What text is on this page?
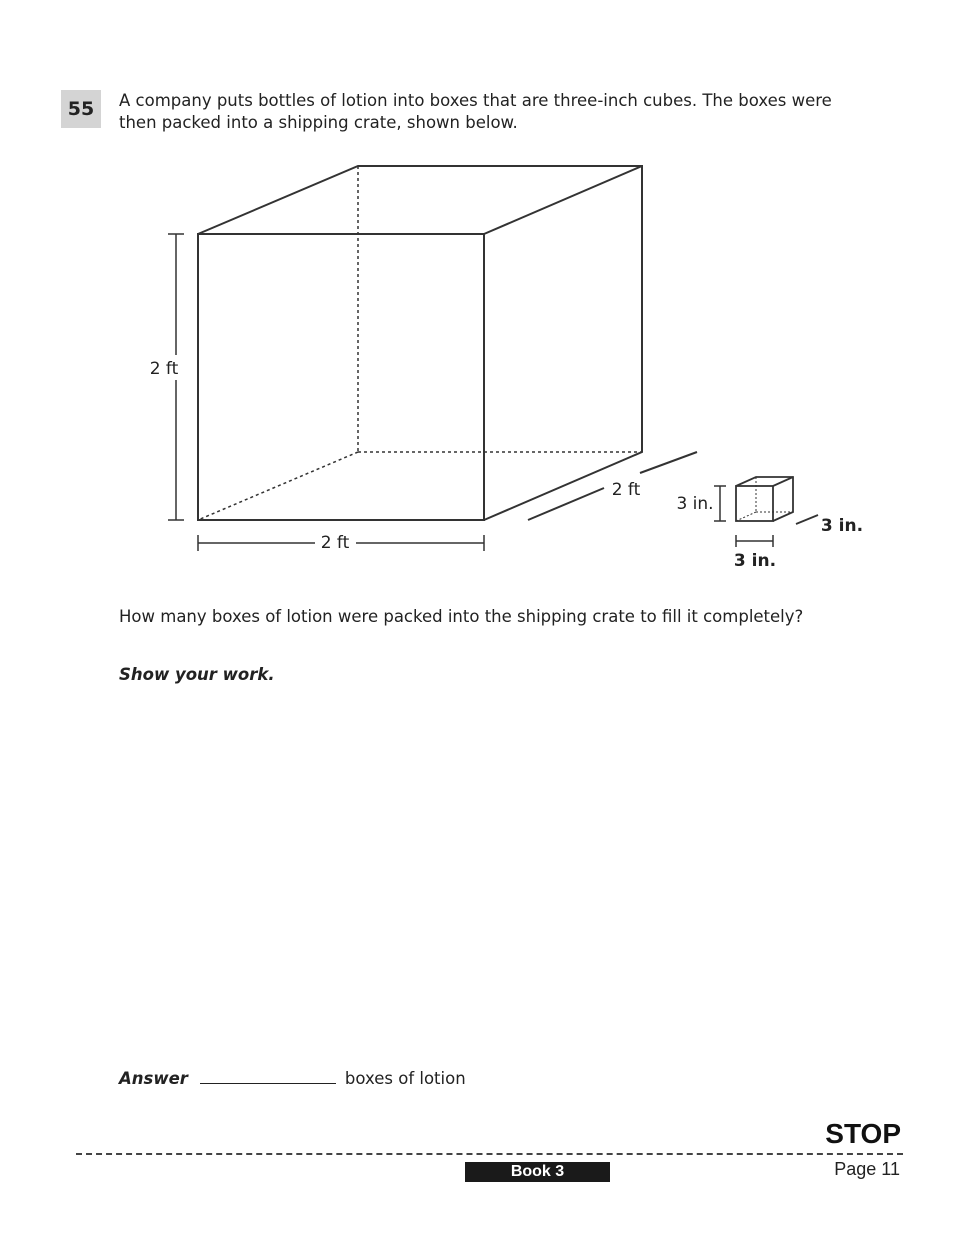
55	A company puts bottles of lotion into boxes that are three-inch cubes. The boxes were
then packed into a shipping crate, shown below.
2 ft
2 ft
2 ft
3 in.
3 in.
3 in.
How many boxes of lotion were packed into the shipping crate to fill it completely?
Show your work.
Answer	boxes of lotion
STOP
Book 3	Page 11
